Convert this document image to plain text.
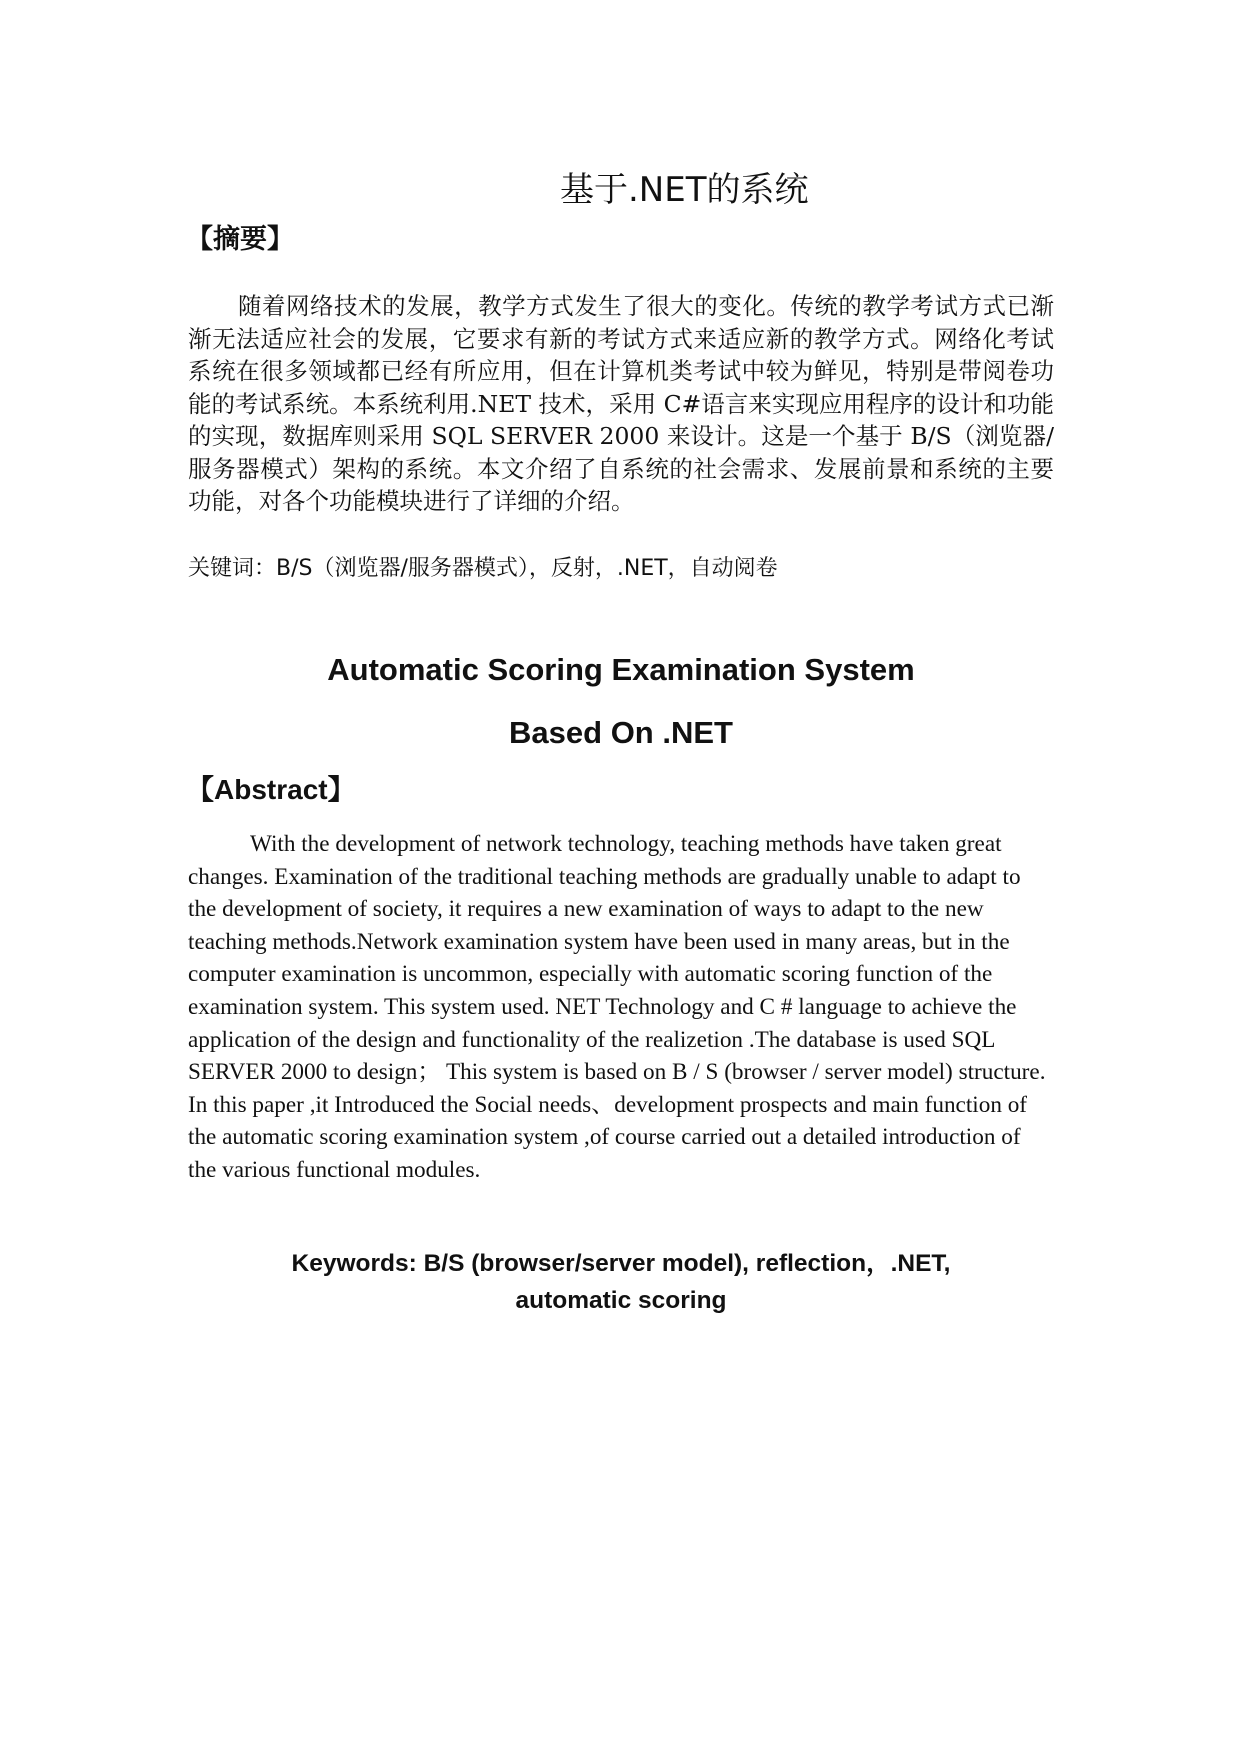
基于.NET的系统
【摘要】

随着网络技术的发展，教学方式发生了很大的变化。传统的教学考试方式已渐渐无法适应社会的发展，它要求有新的考试方式来适应新的教学方式。网络化考试系统在很多领域都已经有所应用，但在计算机类考试中较为鲜见，特别是带阅卷功能的考试系统。本系统利用.NET 技术，采用 C#语言来实现应用程序的设计和功能的实现，数据库则采用 SQL SERVER 2000 来设计。这是一个基于 B/S（浏览器/服务器模式）架构的系统。本文介绍了自系统的社会需求、发展前景和系统的主要功能，对各个功能模块进行了详细的介绍。

关键词：B/S（浏览器/服务器模式），反射，.NET，自动阅卷
Automatic Scoring Examination System
Based On .NET
【Abstract】

With the development of network technology, teaching methods have taken great changes. Examination of the traditional teaching methods are gradually unable to adapt to the development of society, it requires a new examination of ways to adapt to the new teaching methods.Network examination system have been used in many areas, but in the computer examination is uncommon, especially with automatic scoring function of the examination system. This system used. NET Technology and C # language to achieve the application of the design and functionality of the realizetion .The database is used SQL SERVER 2000 to design； This system is based on B / S (browser / server model) structure. In this paper ,it Introduced the Social needs、development prospects and main function of the automatic scoring examination system ,of course carried out a detailed introduction of the various functional modules.

Keywords: B/S (browser/server model), reflection，.NET,
automatic scoring
